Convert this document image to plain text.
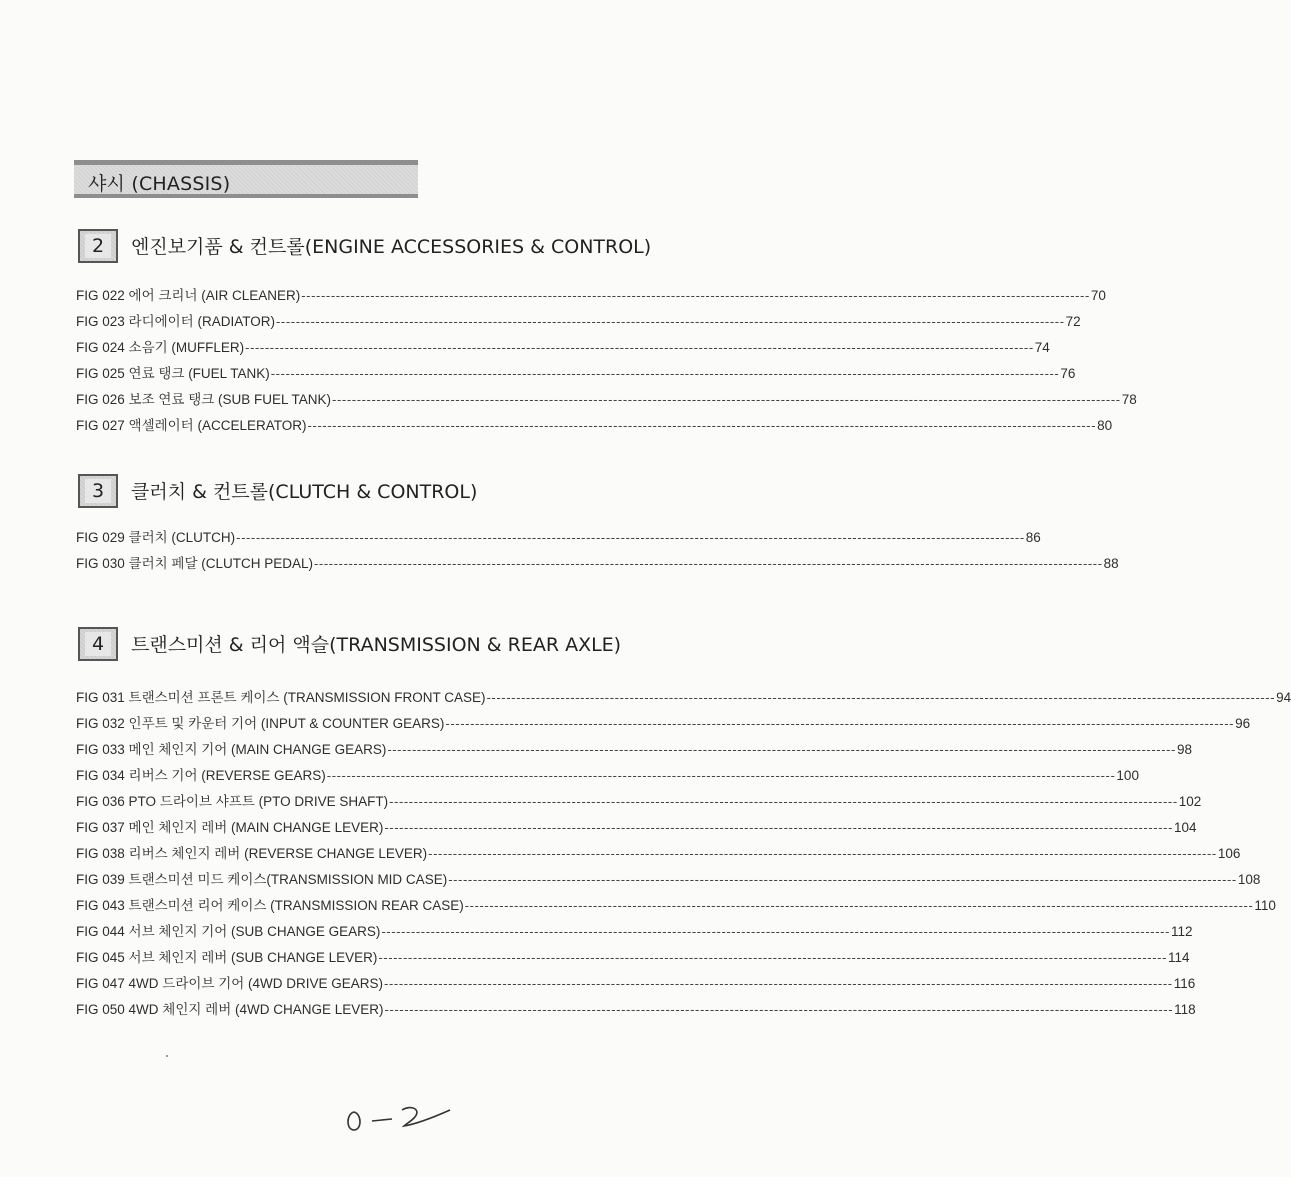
샤시 (CHASSIS)
2 엔진보기품 & 컨트롤(ENGINE ACCESSORIES & CONTROL)
FIG 022 에어 크리너 (AIR CLEANER) ---------------------------------------------------------------------------------------------------------------------------------------------------------------- 70
FIG 023 라디에이터 (RADIATOR) ---------------------------------------------------------------------------------------------------------------------------------------------------------------- 72
FIG 024 소음기 (MUFFLER) ---------------------------------------------------------------------------------------------------------------------------------------------------------------- 74
FIG 025 연료 탱크 (FUEL TANK) ---------------------------------------------------------------------------------------------------------------------------------------------------------------- 76
FIG 026 보조 연료 탱크 (SUB FUEL TANK) ---------------------------------------------------------------------------------------------------------------------------------------------------------------- 78
FIG 027 액셀레이터 (ACCELERATOR) ---------------------------------------------------------------------------------------------------------------------------------------------------------------- 80
3 클러치 & 컨트롤(CLUTCH & CONTROL)
FIG 029 클러치 (CLUTCH) ---------------------------------------------------------------------------------------------------------------------------------------------------------------- 86
FIG 030 클러치 페달 (CLUTCH PEDAL) ---------------------------------------------------------------------------------------------------------------------------------------------------------------- 88
4 트랜스미션 & 리어 액슬(TRANSMISSION & REAR AXLE)
FIG 031 트랜스미션 프론트 케이스 (TRANSMISSION FRONT CASE) ---------------------------------------------------------------------------------------------------------------------------------------------------------------- 94
FIG 032 인푸트 및 카운터 기어 (INPUT & COUNTER GEARS) ---------------------------------------------------------------------------------------------------------------------------------------------------------------- 96
FIG 033 메인 체인지 기어 (MAIN CHANGE GEARS) ---------------------------------------------------------------------------------------------------------------------------------------------------------------- 98
FIG 034 리버스 기어 (REVERSE GEARS) ---------------------------------------------------------------------------------------------------------------------------------------------------------------- 100
FIG 036 PTO 드라이브 샤프트 (PTO DRIVE SHAFT) ---------------------------------------------------------------------------------------------------------------------------------------------------------------- 102
FIG 037 메인 체인지 레버 (MAIN CHANGE LEVER) ---------------------------------------------------------------------------------------------------------------------------------------------------------------- 104
FIG 038 리버스 체인지 레버 (REVERSE CHANGE LEVER) ---------------------------------------------------------------------------------------------------------------------------------------------------------------- 106
FIG 039 트랜스미션 미드 케이스(TRANSMISSION MID CASE) ---------------------------------------------------------------------------------------------------------------------------------------------------------------- 108
FIG 043 트랜스미션 리어 케이스 (TRANSMISSION REAR CASE) ---------------------------------------------------------------------------------------------------------------------------------------------------------------- 110
FIG 044 서브 체인지 기어 (SUB CHANGE GEARS) ---------------------------------------------------------------------------------------------------------------------------------------------------------------- 112
FIG 045 서브 체인지 레버 (SUB CHANGE LEVER) ---------------------------------------------------------------------------------------------------------------------------------------------------------------- 114
FIG 047 4WD 드라이브 기어 (4WD DRIVE GEARS) ---------------------------------------------------------------------------------------------------------------------------------------------------------------- 116
FIG 050 4WD 체인지 레버 (4WD CHANGE LEVER) ---------------------------------------------------------------------------------------------------------------------------------------------------------------- 118
